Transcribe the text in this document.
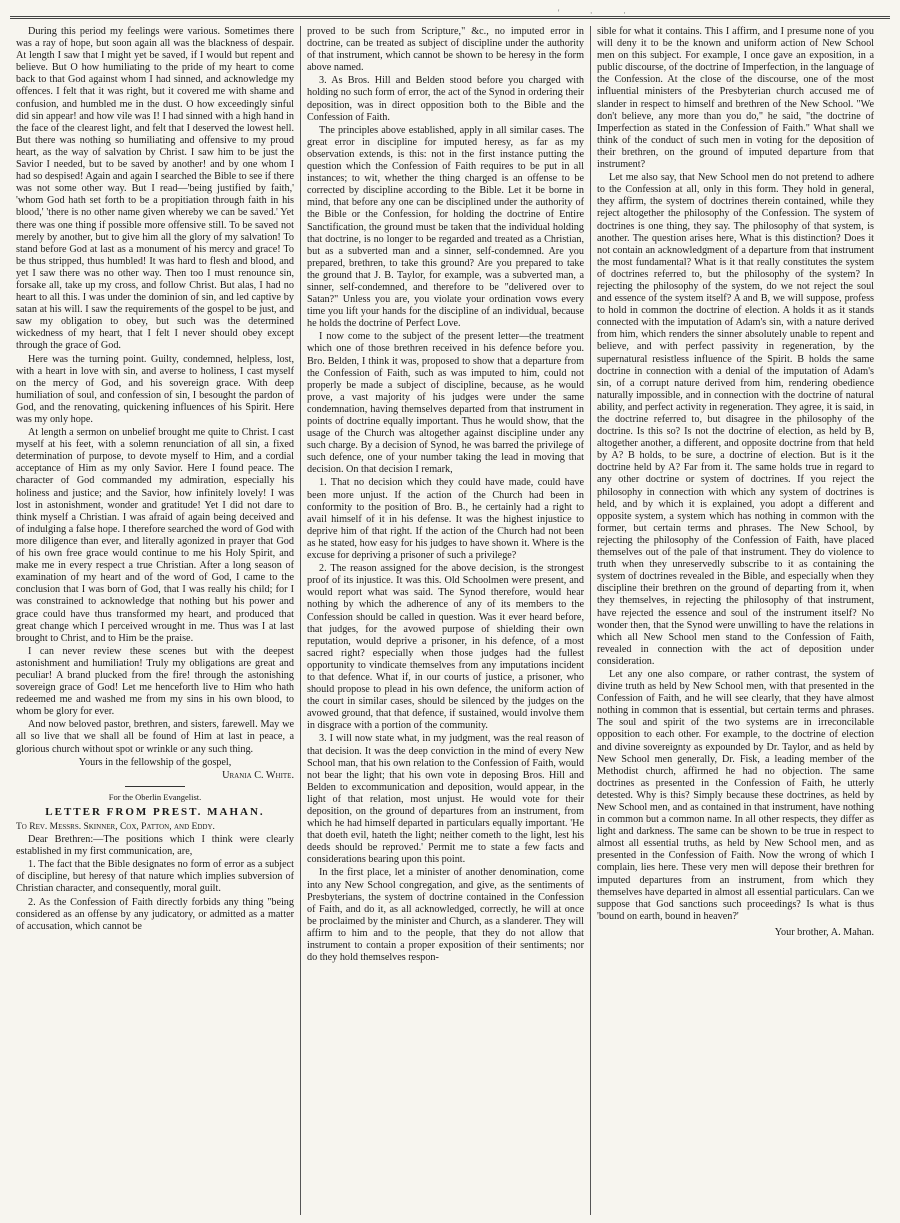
' · ·

During this period my feelings were various. Sometimes there was a ray of hope, but soon again all was the blackness of despair. At length I saw that I might yet be saved, if I would but repent and believe. But O how humiliating to the pride of my heart to come back to that God against whom I had sinned, and acknowledge my offences. I felt that it was right, but it covered me with shame and confusion, and humbled me in the dust. O how exceedingly sinful did sin appear! and how vile was I! I had sinned with a high hand in the face of the clearest light, and felt that I deserved the lowest hell. But there was nothing so humiliating and offensive to my proud heart, as the way of salvation by Christ. I saw him to be just the Savior I needed, but to be saved by another! and by one whom I had so despised! Again and again I searched the Bible to see if there was not some other way. But I read—'being justified by faith,' 'whom God hath set forth to be a propitiation through faith in his blood,' 'there is no other name given whereby we can be saved.' Yet there was one thing if possible more offensive still. To be saved not merely by another, but to give him all the glory of my salvation! To stand before God at last as a monument of his mercy and grace! To be thus stripped, thus humbled! It was hard to flesh and blood, and yet I saw there was no other way. Then too I must renounce sin, forsake all, take up my cross, and follow Christ. But alas, I had no heart to all this. I was under the dominion of sin, and led captive by satan at his will. I saw the requirements of the gospel to be just, and saw my obligation to obey, but such was the determined wickedness of my heart, that I felt I never should obey except through the grace of God.

Here was the turning point. Guilty, condemned, helpless, lost, with a heart in love with sin, and averse to holiness, I cast myself on the mercy of God, and his sovereign grace. With deep humiliation of soul, and confession of sin, I besought the pardon of God, and the renovating, quickening influences of his Spirit. Here was my only hope.

At length a sermon on unbelief brought me quite to Christ. I cast myself at his feet, with a solemn renunciation of all sin, a fixed determination of purpose, to devote myself to Him, and a cordial acceptance of Him as my only Savior. Here I found peace. The character of God commanded my admiration, especially his holiness and justice; and the Savior, how infinitely lovely! I was lost in astonishment, wonder and gratitude! Yet I did not dare to think myself a Christian. I was afraid of again being deceived and of indulging a false hope. I therefore searched the word of God with more diligence than ever, and literally agonized in prayer that God of his own free grace would continue to me his Holy Spirit, and make me in every respect a true Christian. After a long season of examination of my heart and of the word of God, I came to the conclusion that I was born of God, that I was really his child; for I was constrained to acknowledge that nothing but his power and grace could have thus transformed my heart, and produced that great change which I perceived wrought in me. Thus was I at last brought to Christ, and to Him be the praise.

I can never review these scenes but with the deepest astonishment and humiliation! Truly my obligations are great and peculiar! A brand plucked from the fire! through the astonishing sovereign grace of God! Let me henceforth live to Him who hath redeemed me and washed me from my sins in his own blood, to whom be glory for ever.

And now beloved pastor, brethren, and sisters, farewell. May we all so live that we shall all be found of Him at last in peace, a glorious church without spot or wrinkle or any such thing.

Yours in the fellowship of the gospel,

Urania C. White.

For the Oberlin Evangelist.

LETTER FROM PREST. MAHAN.

To Rev. Messrs. Skinner, Cox, Patton, and Eddy.

Dear Brethren:—The positions which I think were clearly established in my first communication, are,

1. The fact that the Bible designates no form of error as a subject of discipline, but heresy of that nature which implies subversion of Christian character, and consequently, moral guilt.

2. As the Confession of Faith directly forbids any thing "being considered as an offense by any judicatory, or admitted as a matter of accusation, which cannot be

proved to be such from Scripture," &c., no imputed error in doctrine, can be treated as subject of discipline under the authority of that instrument, which cannot be shown to be heresy in the form above named.

3. As Bros. Hill and Belden stood before you charged with holding no such form of error, the act of the Synod in ordering their deposition, was in direct opposition both to the Bible and the Confession of Faith.

The principles above established, apply in all similar cases. The great error in discipline for imputed heresy, as far as my observation extends, is this: not in the first instance putting the question which the Confession of Faith requires to be put in all instances; to wit, whether the thing charged is an offense to be corrected by discipline according to the Bible. Let it be borne in mind, that before any one can be disciplined under the authority of the Bible or the Confession, for holding the doctrine of Entire Sanctification, the ground must be taken that the individual holding that doctrine, is no longer to be regarded and treated as a Christian, but as a subverted man and a sinner, self-condemned. Are you prepared, brethren, to take this ground? Are you prepared to take the ground that J. B. Taylor, for example, was a subverted man, a sinner, self-condemned, and therefore to be "delivered over to Satan?" Unless you are, you violate your ordination vows every time you lift your hands for the discipline of an individual, because he holds the doctrine of Perfect Love.

I now come to the subject of the present letter—the treatment which one of those brethren received in his defence before you. Bro. Belden, I think it was, proposed to show that a departure from the Confession of Faith, such as was imputed to him, could not properly be made a subject of discipline, because, as he would prove, a vast majority of his judges were under the same condemnation, having themselves departed from that instrument in points of doctrine equally important. Thus he would show, that the usage of the Church was altogether against discipline under any such charge. By a decision of Synod, he was barred the privilege of such defence, one of your number taking the lead in moving that decision. On that decision I remark,

1. That no decision which they could have made, could have been more unjust. If the action of the Church had been in conformity to the position of Bro. B., he certainly had a right to avail himself of it in his defense. It was the highest injustice to deprive him of that right. If the action of the Church had not been as he stated, how easy for his judges to have shown it. Where is the excuse for depriving a prisoner of such a privilege?

2. The reason assigned for the above decision, is the strongest proof of its injustice. It was this. Old Schoolmen were present, and would report what was said. The Synod therefore, would hear nothing by which the adherence of any of its members to the Confession should be called in question. Was it ever heard before, that judges, for the avowed purpose of shielding their own reputation, would deprive a prisoner, in his defence, of a most sacred right? especially when those judges had the fullest opportunity to vindicate themselves from any imputations incident to that defence. What if, in our courts of justice, a prisoner, who should propose to plead in his own defence, the uniform action of the court in similar cases, should be silenced by the judges on the avowed ground, that that defence, if sustained, would involve them in disgrace with a portion of the community.

3. I will now state what, in my judgment, was the real reason of that decision. It was the deep conviction in the mind of every New School man, that his own relation to the Confession of Faith, would not bear the light; that his own vote in deposing Bros. Hill and Belden to excommunication and deposition, would appear, in the light of that relation, most unjust. He would vote for their deposition, on the ground of departures from an instrument, from which he had himself departed in particulars equally important. 'He that doeth evil, hateth the light; neither cometh to the light, lest his deeds should be reproved.' Permit me to state a few facts and considerations bearing upon this point.

In the first place, let a minister of another denomination, come into any New School congregation, and give, as the sentiments of Presbyterians, the system of doctrine contained in the Confession of Faith, and do it, as all acknowledged, correctly, he will at once be proclaimed by the minister and Church, as a slanderer. They will affirm to him and to the people, that they do not allow that instrument to contain a proper exposition of their sentiments; nor do they hold themselves respon-

sible for what it contains. This I affirm, and I presume none of you will deny it to be the known and uniform action of New School men on this subject. For example, I once gave an exposition, in a public discourse, of the doctrine of Imperfection, in the language of the Confession. At the close of the discourse, one of the most influential ministers of the Presbyterian church accused me of slander in respect to himself and brethren of the New School. "We don't believe, any more than you do," he said, "the doctrine of Imperfection as stated in the Confession of Faith." What shall we think of the conduct of such men in voting for the deposition of their brethren, on the ground of imputed departure from that instrument?

Let me also say, that New School men do not pretend to adhere to the Confession at all, only in this form. They hold in general, they affirm, the system of doctrines therein contained, while they reject altogether the philosophy of the Confession. The system of doctrines is one thing, they say. The philosophy of that system, is another. The question arises here, What is this distinction? Does it not contain an acknowledgment of a departure from that instrument the most fundamental? What is it that really constitutes the system of doctrines referred to, but the philosophy of the system? In rejecting the philosophy of the system, do we not reject the soul and essence of the system itself? A and B, we will suppose, profess to hold in common the doctrine of election. A holds it as it stands connected with the imputation of Adam's sin, with a nature derived from him, which renders the sinner absolutely unable to repent and believe, and with perfect passivity in regeneration, by the supernatural resistless influence of the Spirit. B holds the same doctrine in connection with a denial of the imputation of Adam's sin, of a corrupt nature derived from him, rendering obedience naturally impossible, and in connection with the doctrine of natural ability, and perfect activity in regeneration. They agree, it is said, in the doctrine referred to, but disagree in the philosophy of the doctrine. Is this so? Is not the doctrine of election, as held by B, altogether another, a different, and opposite doctrine from that held by A? B holds, to be sure, a doctrine of election. But is it the doctrine held by A? Far from it. The same holds true in regard to any other doctrine or system of doctrines. If you reject the philosophy in connection with which any system of doctrines is held, and by which it is explained, you adopt a different and opposite system, a system which has nothing in common with the former, but certain terms and phrases. The New School, by rejecting the philosophy of the Confession of Faith, have placed themselves out of the pale of that instrument. They do violence to truth when they unreservedly subscribe to it as containing the system of doctrines revealed in the Bible, and especially when they discipline their brethren on the ground of departing from it, when they themselves, in rejecting the philosophy of that instrument, have rejected the essence and soul of the instrument itself? No wonder then, that the Synod were unwilling to have the relations in which all New School men stand to the Confession of Faith, revealed in connection with the act of deposition under consideration.

Let any one also compare, or rather contrast, the system of divine truth as held by New School men, with that presented in the Confession of Faith, and he will see clearly, that they have almost nothing in common that is essential, but certain terms and phrases. The soul and spirit of the two systems are in irreconcilable opposition to each other. For example, to the doctrine of election and divine sovereignty as expounded by Dr. Taylor, and as held by New School men generally, Dr. Fisk, a leading member of the Methodist church, affirmed he had no objection. The same doctrines as presented in the Confession of Faith, he utterly detested. Why is this? Simply because these doctrines, as held by New School men, and as contained in that instrument, have nothing in common but a common name. In all other respects, they differ as light and darkness. The same can be shown to be true in respect to almost all essential truths, as held by New School men, and as presented in the Confession of Faith. Now the wrong of which I complain, lies here. These very men will depose their brethren for imputed departures from an instrument, from which they themselves have departed in almost all essential particulars. Can we suppose that God sanctions such proceedings? Is what is thus 'bound on earth, bound in heaven?'

Your brother, A. Mahan.
